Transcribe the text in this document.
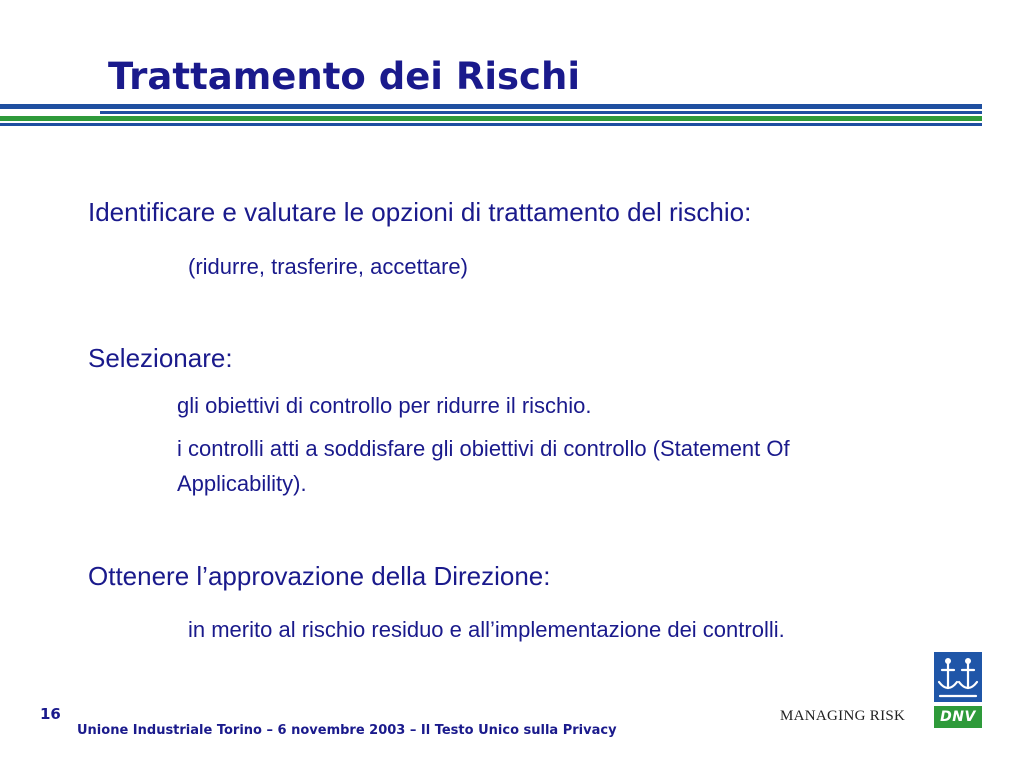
Trattamento dei Rischi
Identificare e valutare le opzioni di trattamento del rischio:
(ridurre, trasferire, accettare)
Selezionare:
gli obiettivi di controllo per ridurre il rischio.
i controlli atti a soddisfare gli obiettivi di controllo (Statement Of
Applicability).
Ottenere l’approvazione della Direzione:
in merito al rischio residuo e all’implementazione dei controlli.
16
Unione Industriale Torino – 6 novembre 2003 – Il Testo Unico sulla Privacy
MANAGING RISK	DNV
